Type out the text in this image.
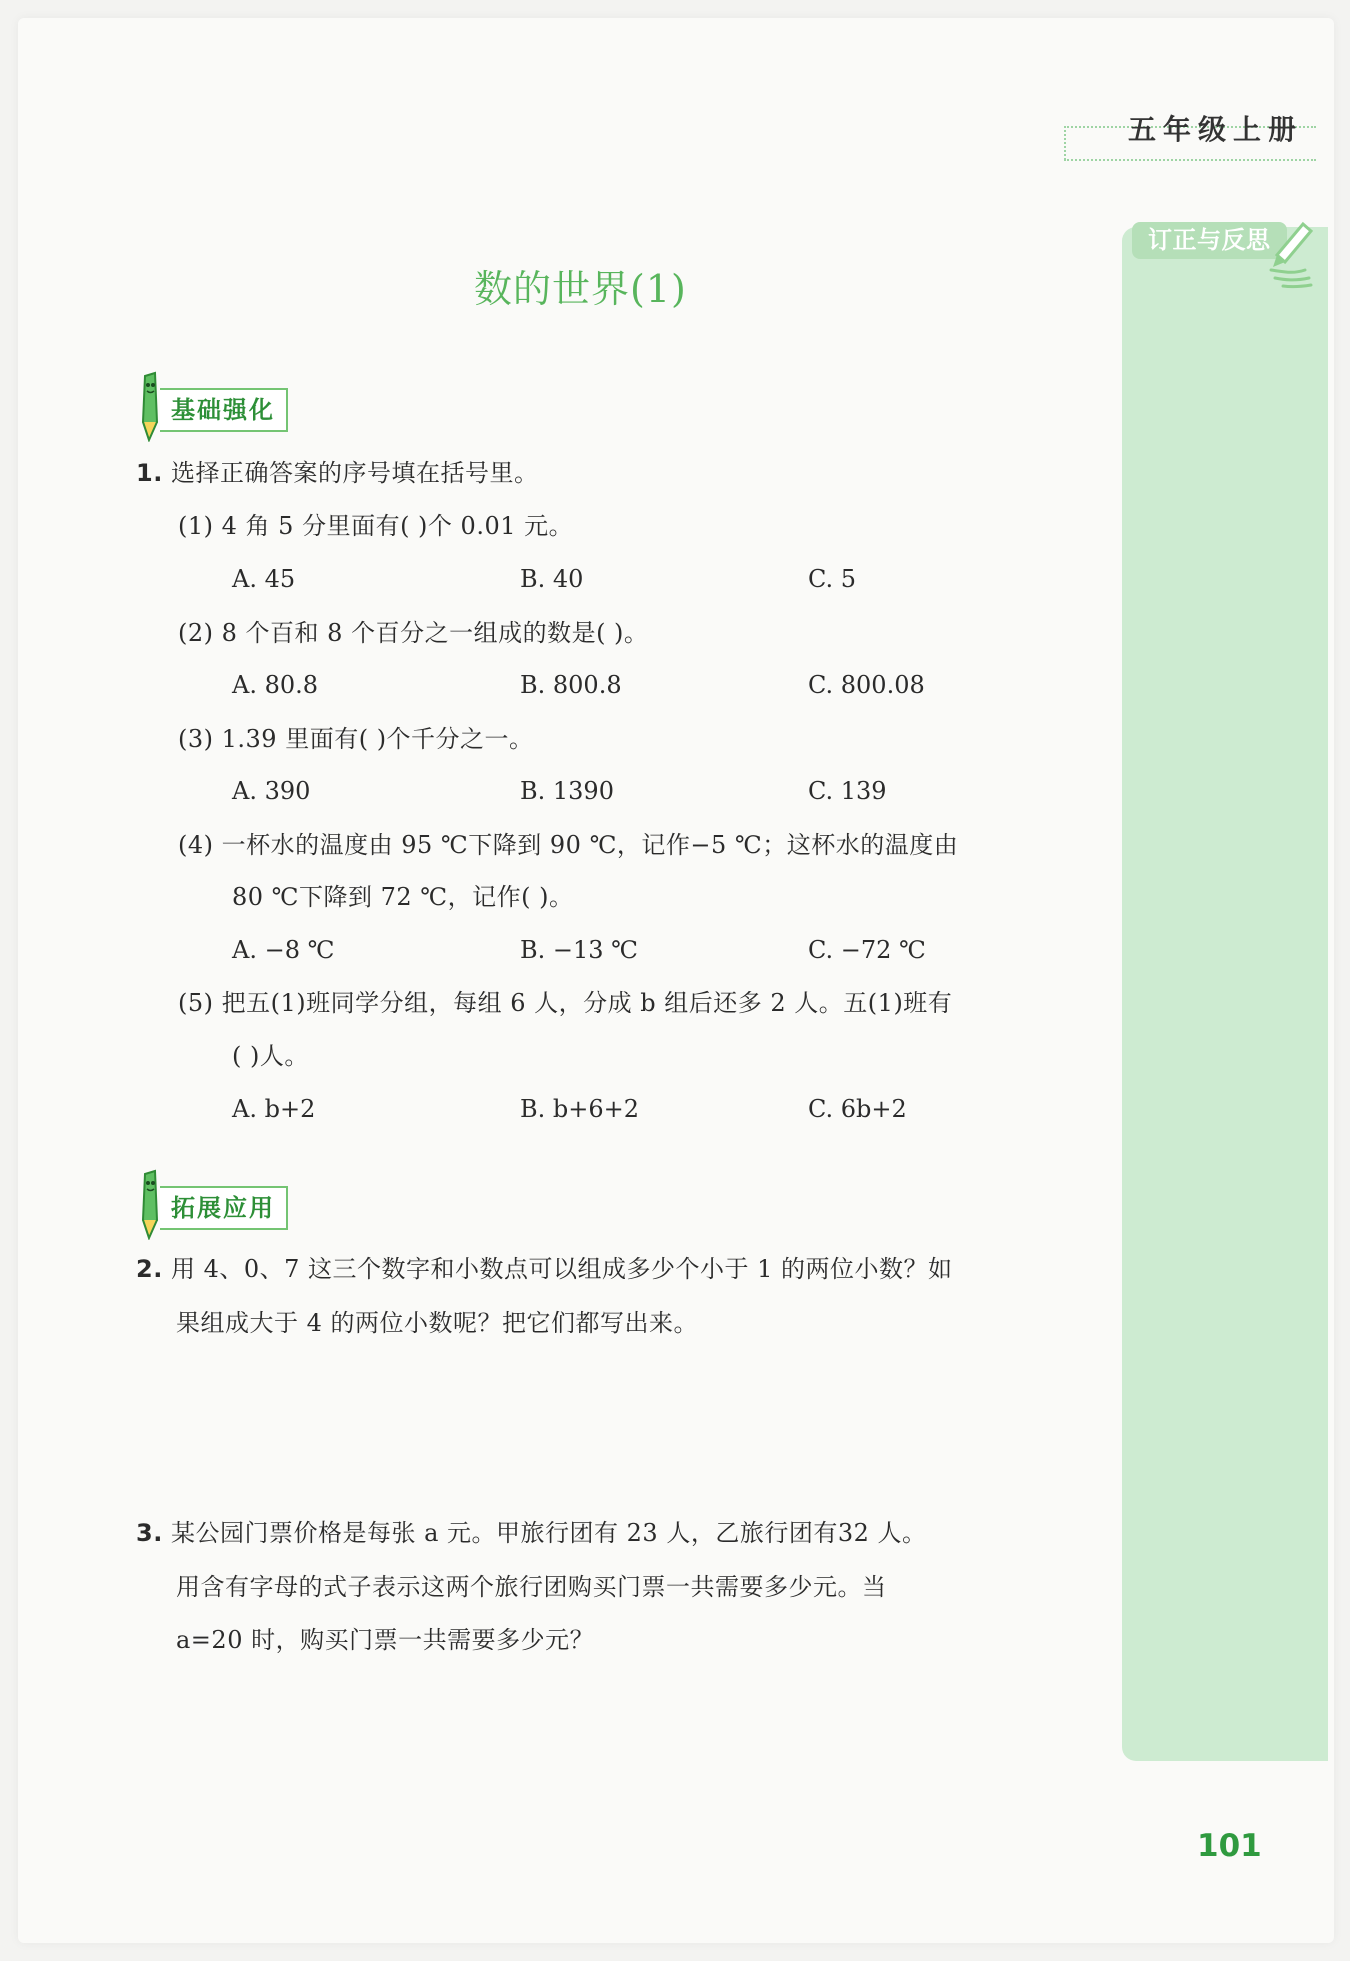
五年级上册
订正与反思
数的世界(1)
基础强化
1. 选择正确答案的序号填在括号里。
(1) 4 角 5 分里面有( )个 0.01 元。
A. 45	B. 40	C. 5
(2) 8 个百和 8 个百分之一组成的数是( )。
A. 80.8	B. 800.8	C. 800.08
(3) 1.39 里面有( )个千分之一。
A. 390	B. 1390	C. 139
(4) 一杯水的温度由 95 ℃下降到 90 ℃，记作−5 ℃；这杯水的温度由
80 ℃下降到 72 ℃，记作( )。
A. −8 ℃	B. −13 ℃	C. −72 ℃
(5) 把五(1)班同学分组，每组 6 人，分成 b 组后还多 2 人。五(1)班有
( )人。
A. b+2	B. b+6+2	C. 6b+2
拓展应用
2. 用 4、0、7 这三个数字和小数点可以组成多少个小于 1 的两位小数？如
果组成大于 4 的两位小数呢？把它们都写出来。
3. 某公园门票价格是每张 a 元。甲旅行团有 23 人，乙旅行团有32 人。
用含有字母的式子表示这两个旅行团购买门票一共需要多少元。当
a=20 时，购买门票一共需要多少元？
101
